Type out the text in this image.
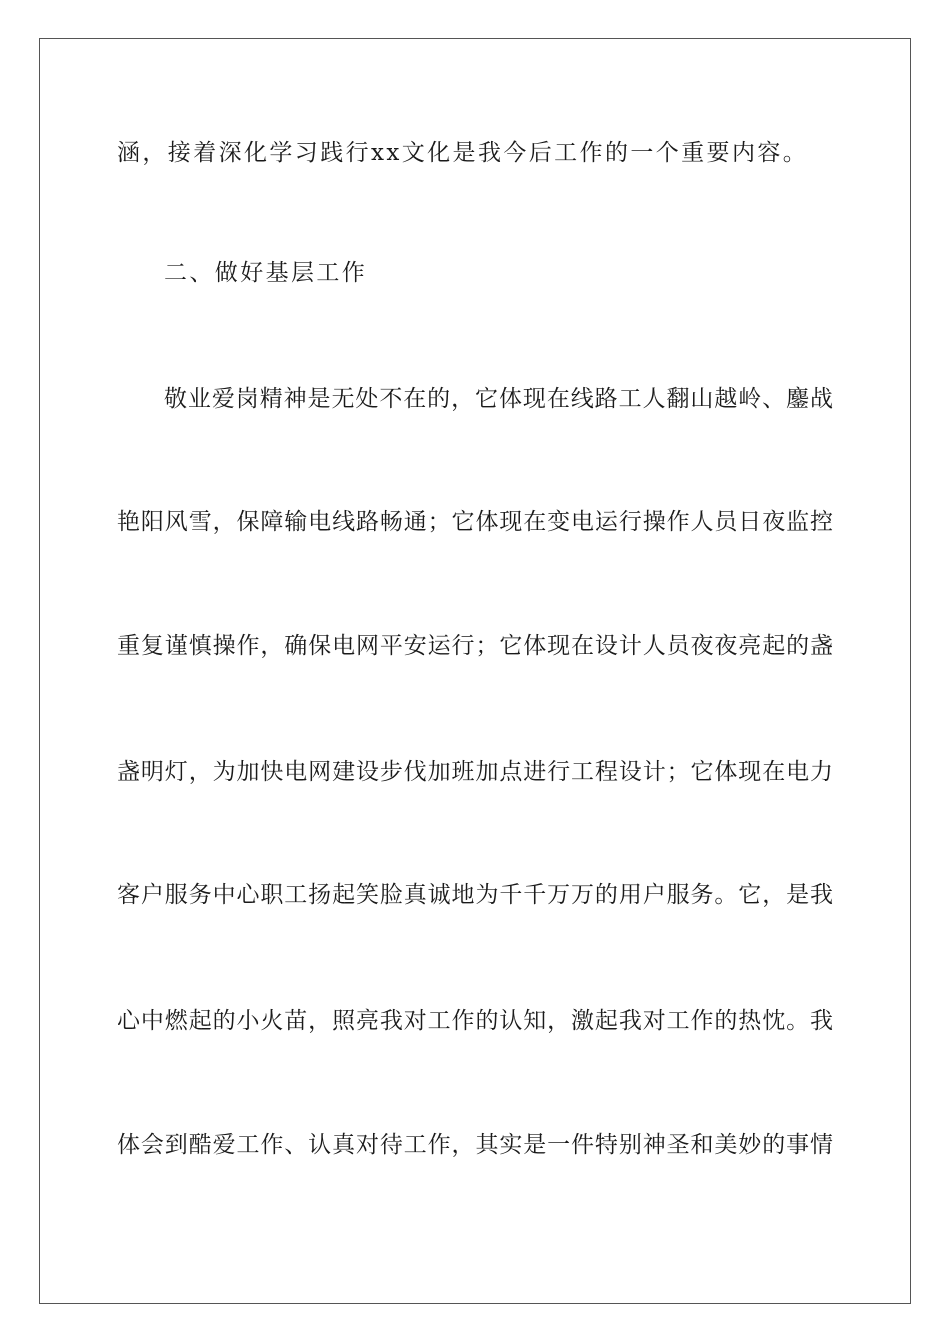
涵，接着深化学习践行xx文化是我今后工作的一个重要内容。
二、做好基层工作
敬业爱岗精神是无处不在的，它体现在线路工人翻山越岭、鏖战
艳阳风雪，保障输电线路畅通；它体现在变电运行操作人员日夜监控
重复谨慎操作，确保电网平安运行；它体现在设计人员夜夜亮起的盏
盏明灯，为加快电网建设步伐加班加点进行工程设计；它体现在电力
客户服务中心职工扬起笑脸真诚地为千千万万的用户服务。它，是我
心中燃起的小火苗，照亮我对工作的认知，激起我对工作的热忱。我
体会到酷爱工作、认真对待工作，其实是一件特别神圣和美妙的事情
